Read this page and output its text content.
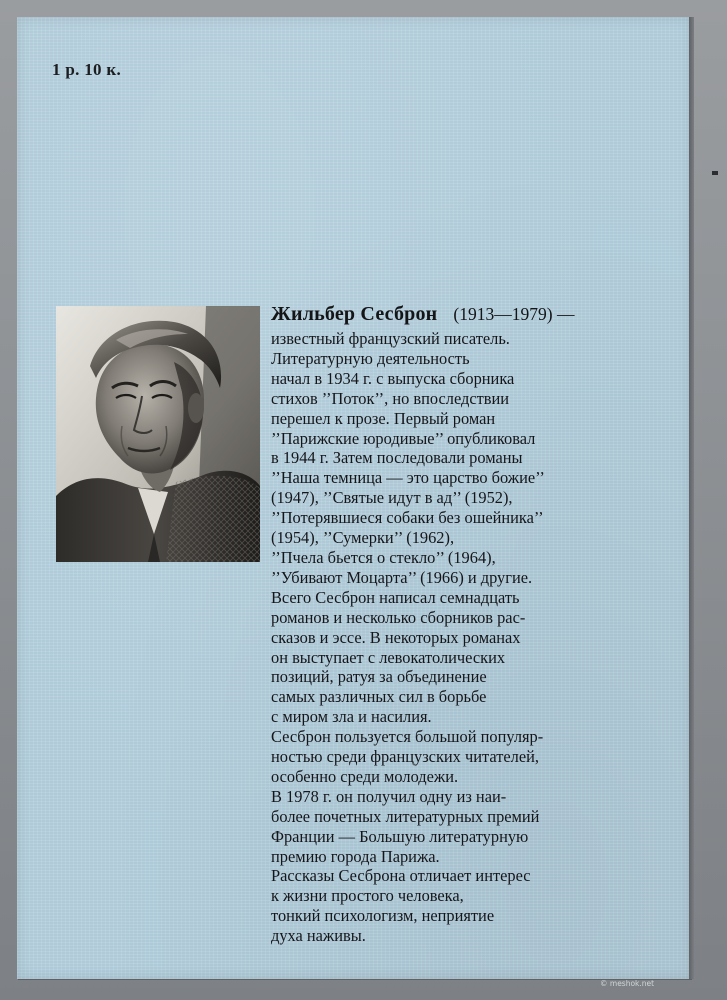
1 р. 10 к.
Жильбер Сесброн (1913—1979) —
известный французский писатель.
Литературную деятельность
начал в 1934 г. с выпуска сборника
стихов ’’Поток’’, но впоследствии
перешел к прозе. Первый роман
’’Парижские юродивые’’ опубликовал
в 1944 г. Затем последовали романы
’’Наша темница — это царство божие’’
(1947), ’’Святые идут в ад’’ (1952),
’’Потерявшиеся собаки без ошейника’’
(1954), ’’Сумерки’’ (1962),
’’Пчела бьется о стекло’’ (1964),
’’Убивают Моцарта’’ (1966) и другие.
Всего Сесброн написал семнадцать
романов и несколько сборников рас-
сказов и эссе. В некоторых романах
он выступает с левокатолических
позиций, ратуя за объединение
самых различных сил в борьбе
с миром зла и насилия.
Сесброн пользуется большой популяр-
ностью среди французских читателей,
особенно среди молодежи.
В 1978 г. он получил одну из наи-
более почетных литературных премий
Франции — Большую литературную
премию города Парижа.
Рассказы Сесброна отличает интерес
к жизни простого человека,
тонкий психологизм, неприятие
духа наживы.
© meshok.net
